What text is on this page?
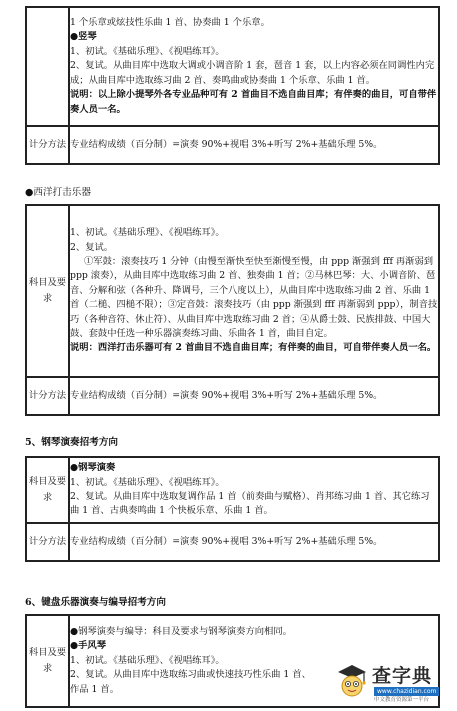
	1 个乐章或炫技性乐曲 1 首、协奏曲 1 个乐章。

●竖琴

1、初试。《基础乐理》、《视唱练耳》。

2、复试。从曲目库中选取大调或小调音阶 1 套，琶音 1 套，以上内容必须在同调性内完成；从曲目库中选取练习曲 2 首、奏鸣曲或协奏曲 1 个乐章、乐曲 1 首。

说明：以上除小提琴外各专业品种可有 2 首曲目不选自曲目库；有伴奏的曲目，可自带伴奏人员一名。

计分方法	专业结构成绩（百分制）=演奏 90%+视唱 3%+听写 2%+基础乐理 5%。

●西洋打击乐器

科目及要求	1、初试。《基础乐理》、《视唱练耳》。

2、复试。

①军鼓：滚奏技巧 1 分钟（由慢至渐快至快至渐慢至慢，由 ppp 渐强到 fff 再渐弱到 ppp 滚奏），从曲目库中选取练习曲 2 首、独奏曲 1 首；②马林巴琴：大、小调音阶、琶音、分解和弦（各种升、降调号，三个八度以上），从曲目库中选取练习曲 2 首、乐曲 1 首（二槌、四槌不限）；③定音鼓：滚奏技巧（由 ppp 渐强到 fff 再渐弱到 ppp），制音技巧（各种音符、休止符）、从曲目库中选取练习曲 2 首；④从爵士鼓、民族排鼓、中国大鼓、套鼓中任选一种乐器演奏练习曲、乐曲各 1 首，曲目自定。

说明：西洋打击乐器可有 2 首曲目不选自曲目库；有伴奏的曲目，可自带伴奏人员一名。

计分方法	专业结构成绩（百分制）=演奏 90%+视唱 3%+听写 2%+基础乐理 5%。

5、钢琴演奏招考方向

科目及要求	●钢琴演奏

1、初试。《基础乐理》、《视唱练耳》。

2、复试。从曲目库中选取复调作品 1 首（前奏曲与赋格）、肖邦练习曲 1 首、其它练习曲 1 首、古典奏鸣曲 1 个快板乐章、乐曲 1 首。

计分方法	专业结构成绩（百分制）=演奏 90%+视唱 3%+听写 2%+基础乐理 5%。

6、键盘乐器演奏与编导招考方向

科目及要求	

●钢琴演奏与编导：科目及要求与钢琴演奏方向相同。

●手风琴

1、初试。《基础乐理》、《视唱练耳》。

2、复试。从曲目库中选取练习曲或快速技巧性乐曲 1 首、

作品 1 首。

查字典
www.chazidian.com
中文教育资源第一平台
